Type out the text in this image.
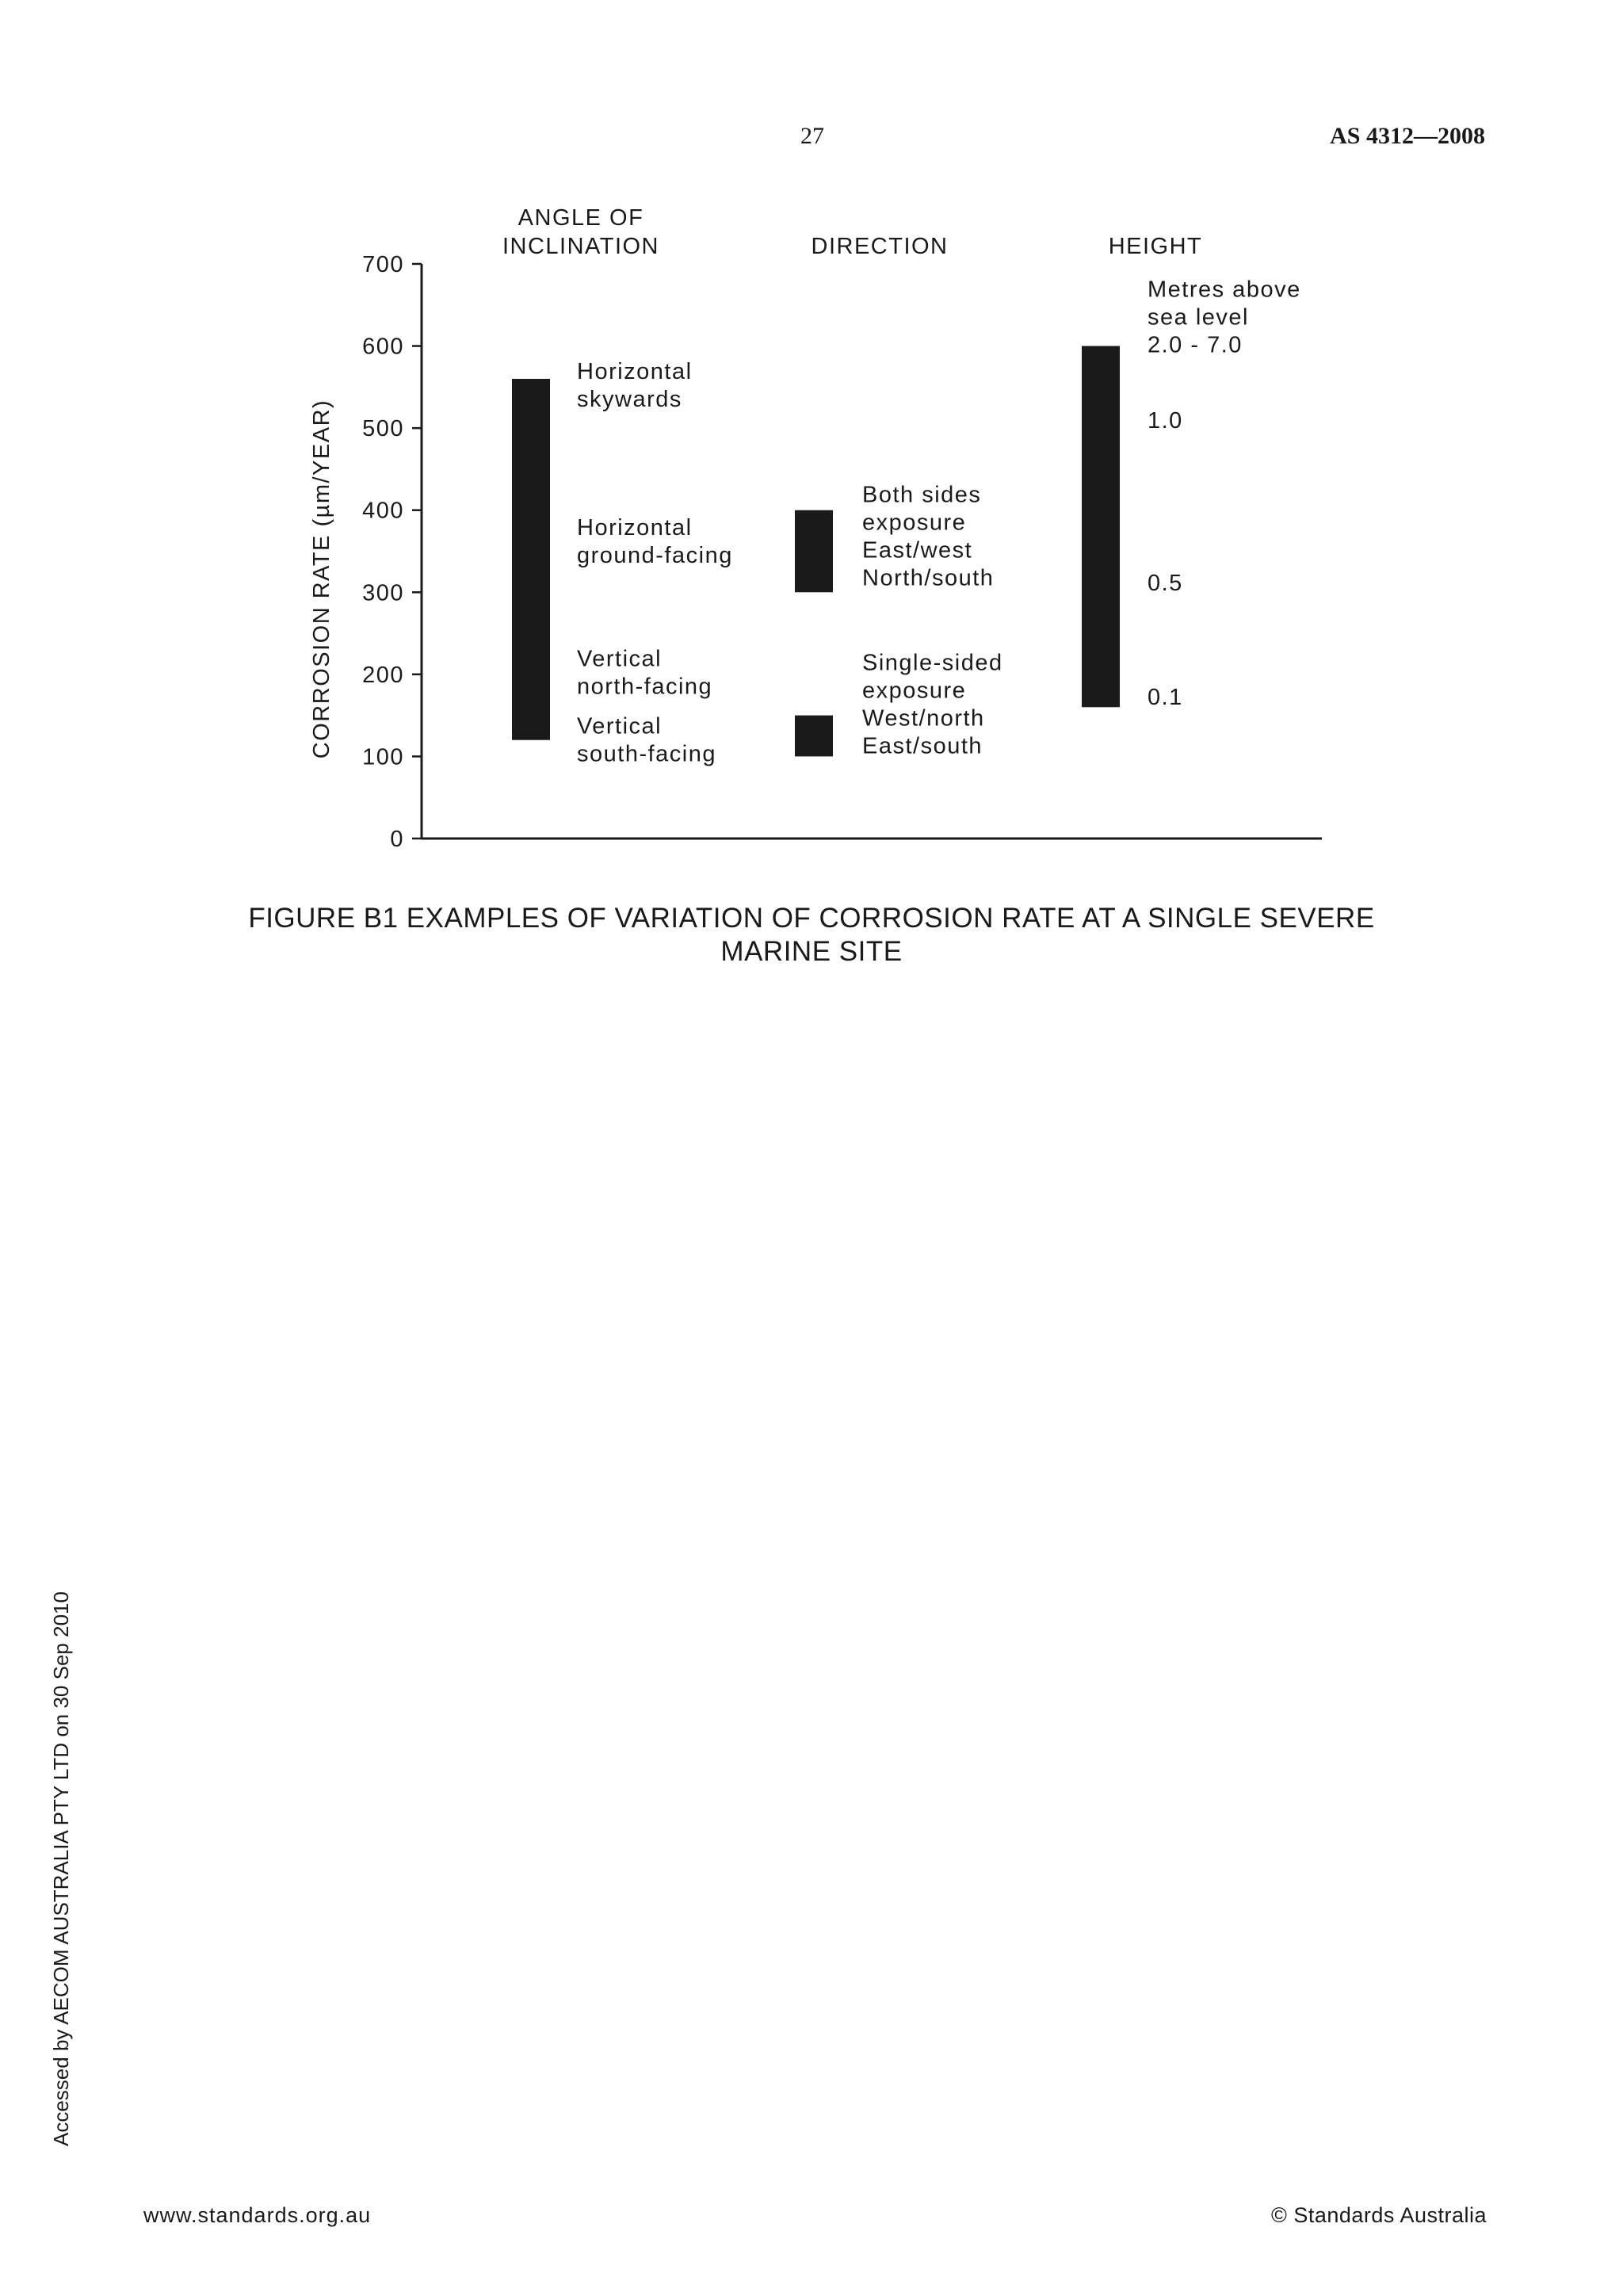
27	AS 4312—2008
0
100
200
300
400
500
600
700
CORROSION RATE (µm/YEAR)
ANGLE OF
INCLINATION
Horizontal
skywards
Horizontal
ground-facing
Vertical
north-facing
Vertical
south-facing
DIRECTION
Both sides
exposure
East/west
North/south
Single-sided
exposure
West/north
East/south
HEIGHT
Metres above
sea level
2.0 - 7.0
1.0
0.5
0.1
FIGURE B1 EXAMPLES OF VARIATION OF CORROSION RATE AT A SINGLE SEVERE
MARINE SITE
www.standards.org.au	© Standards Australia
Accessed by AECOM AUSTRALIA PTY LTD on 30 Sep 2010
